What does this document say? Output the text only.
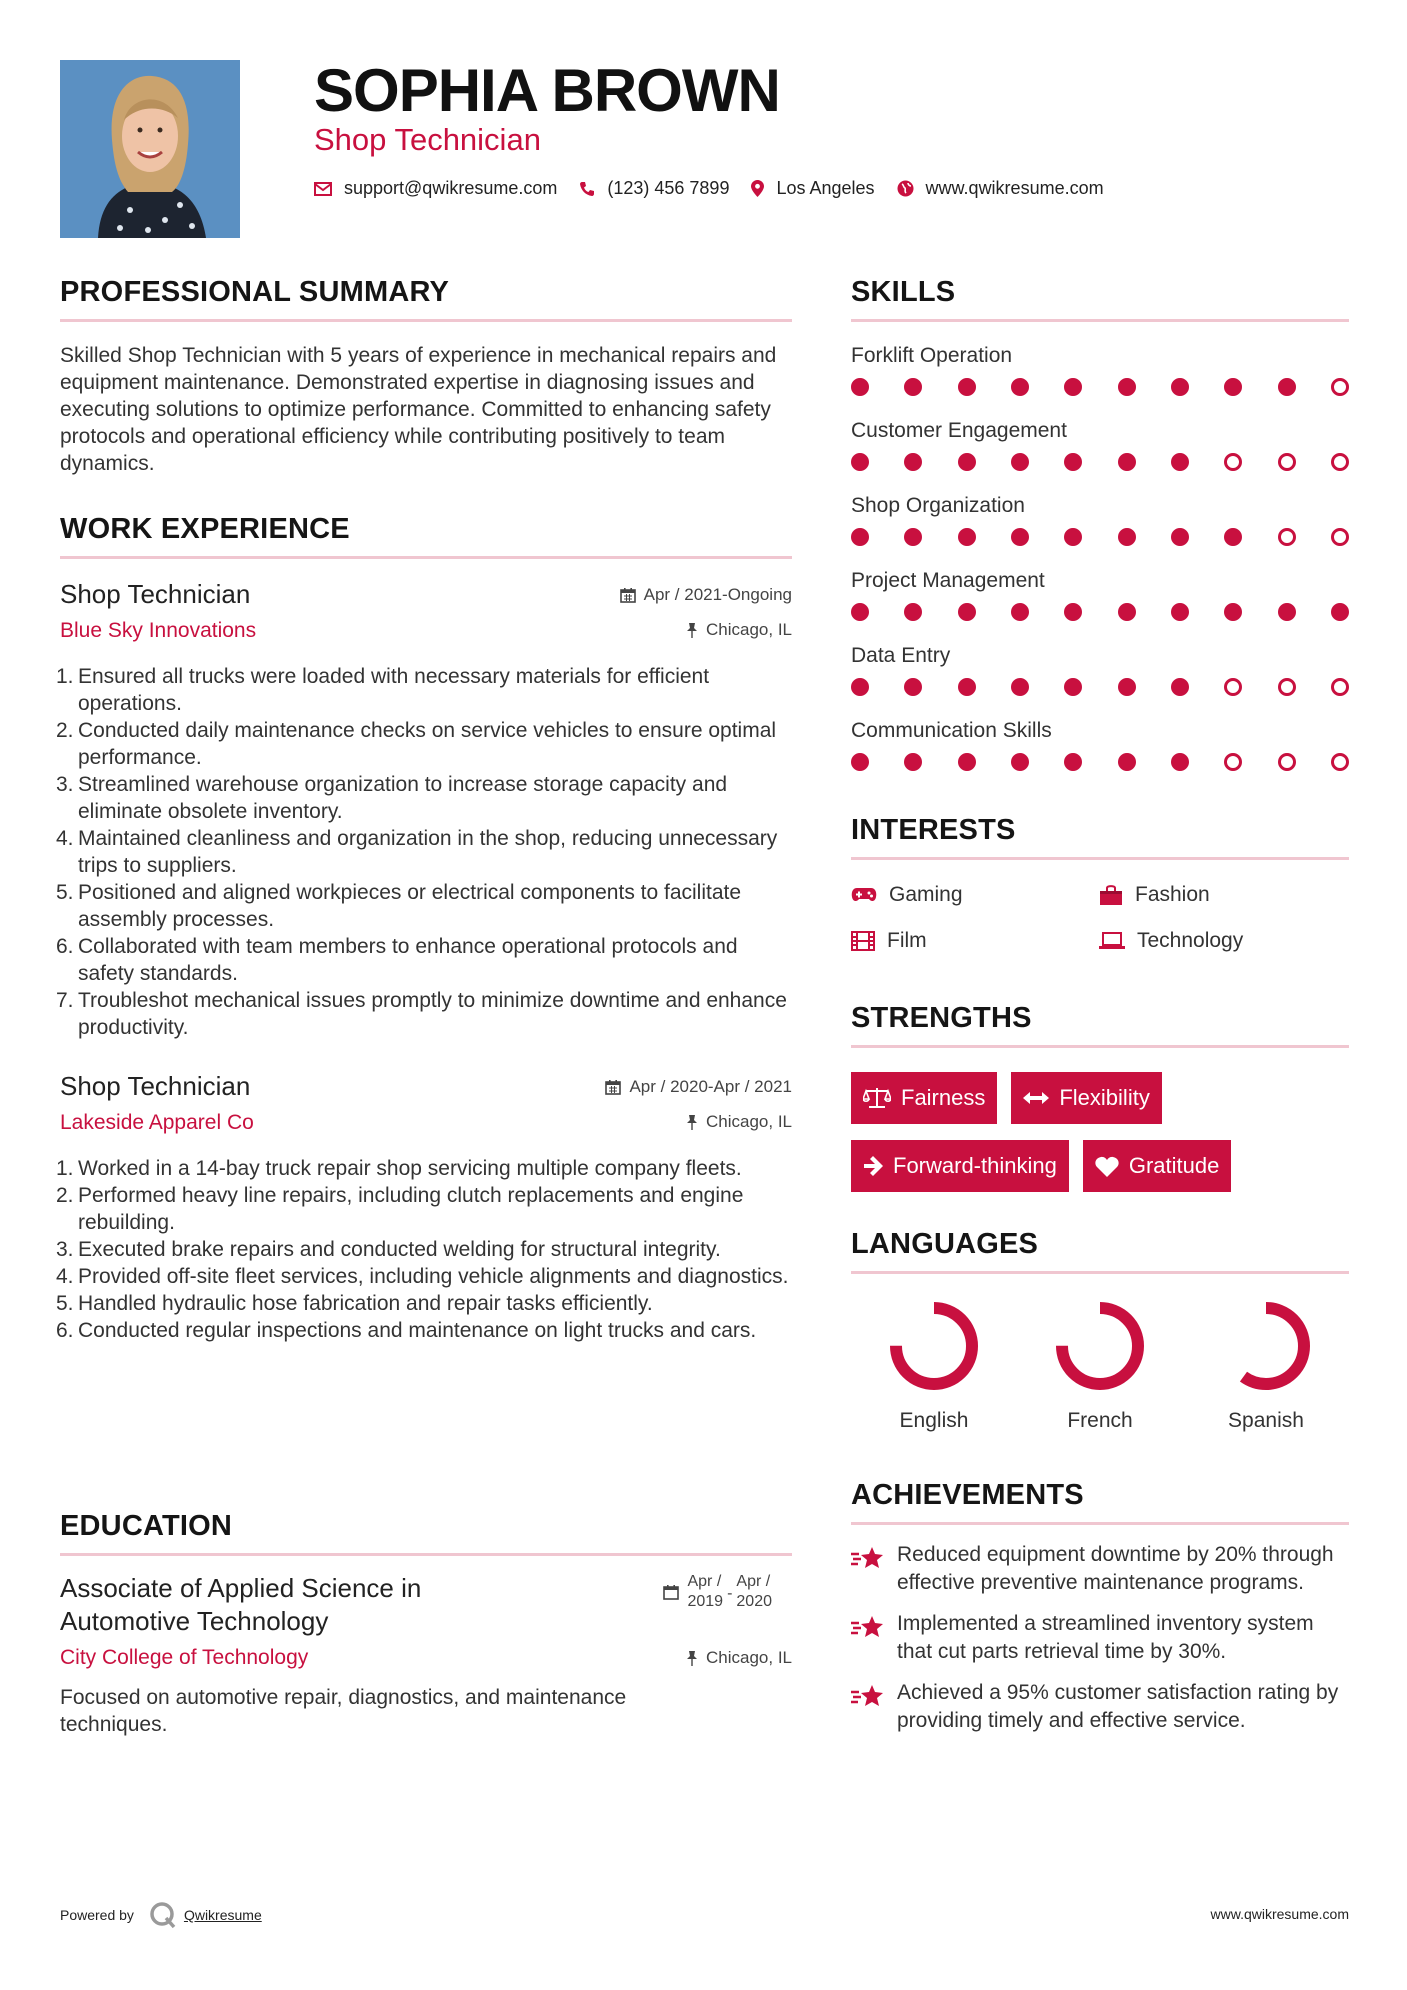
SOPHIA BROWN
Shop Technician
support@qwikresume.com	(123) 456 7899	Los Angeles	www.qwikresume.com
PROFESSIONAL SUMMARY

Skilled Shop Technician with 5 years of experience in mechanical repairs and equipment maintenance. Demonstrated expertise in diagnosing issues and executing solutions to optimize performance. Committed to enhancing safety protocols and operational efficiency while contributing positively to team dynamics.

WORK EXPERIENCE
Shop Technician
Blue Sky Innovations
Apr / 2021-Ongoing
Chicago, IL
1. Ensured all trucks were loaded with necessary materials for efficient operations.
2. Conducted daily maintenance checks on service vehicles to ensure optimal performance.
3. Streamlined warehouse organization to increase storage capacity and eliminate obsolete inventory.
4. Maintained cleanliness and organization in the shop, reducing unnecessary trips to suppliers.
5. Positioned and aligned workpieces or electrical components to facilitate assembly processes.
6. Collaborated with team members to enhance operational protocols and safety standards.
7. Troubleshot mechanical issues promptly to minimize downtime and enhance productivity.
Shop Technician
Lakeside Apparel Co
Apr / 2020-Apr / 2021
Chicago, IL
1. Worked in a 14-bay truck repair shop servicing multiple company fleets.
2. Performed heavy line repairs, including clutch replacements and engine rebuilding.
3. Executed brake repairs and conducted welding for structural integrity.
4. Provided off-site fleet services, including vehicle alignments and diagnostics.
5. Handled hydraulic hose fabrication and repair tasks efficiently.
6. Conducted regular inspections and maintenance on light trucks and cars.
EDUCATION
Associate of Applied Science in
Automotive Technology
City College of Technology
Apr /
2019 -
Apr /
2020
Chicago, IL

Focused on automotive repair, diagnostics, and maintenance techniques.

SKILLS
Forklift Operation
Customer Engagement
Shop Organization
Project Management
Data Entry
Communication Skills
INTERESTS
Gaming	Fashion
Film	Technology
STRENGTHS
Fairness	Flexibility
Forward-thinking	Gratitude
LANGUAGES
English	French	Spanish
ACHIEVEMENTS
Reduced equipment downtime by 20% through effective preventive maintenance programs.
Implemented a streamlined inventory system that cut parts retrieval time by 30%.
Achieved a 95% customer satisfaction rating by providing timely and effective service.
Powered by	Qwikresume	www.qwikresume.com
